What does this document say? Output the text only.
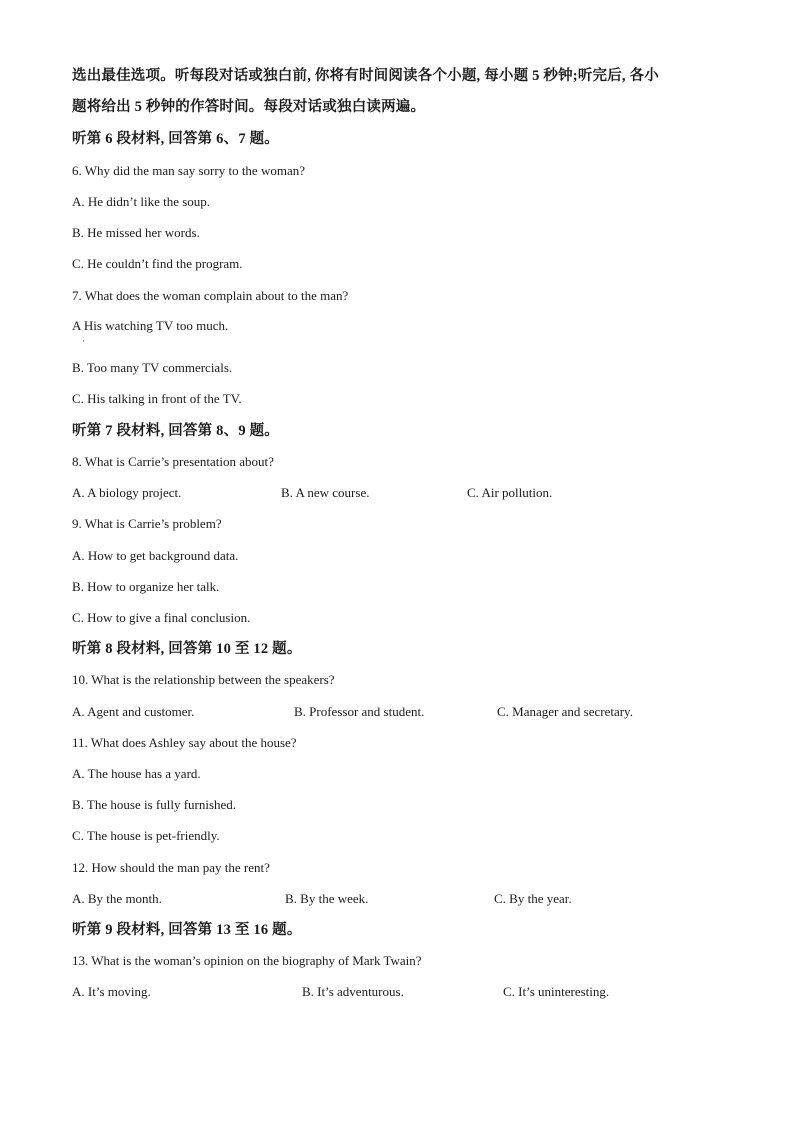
选出最佳选项。听每段对话或独白前, 你将有时间阅读各个小题, 每小题 5 秒钟;听完后, 各小
题将给出 5 秒钟的作答时间。每段对话或独白读两遍。
听第 6 段材料, 回答第 6、7 题。
6. Why did the man say sorry to the woman?
A. He didn’t like the soup.
B. He missed her words.
C. He couldn’t find the program.
7. What does the woman complain about to the man?
A His watching TV too much.
·
B. Too many TV commercials.
C. His talking in front of the TV.
听第 7 段材料, 回答第 8、9 题。
8. What is Carrie’s presentation about?
A. A biology project.	B. A new course.	C. Air pollution.
9. What is Carrie’s problem?
A. How to get background data.
B. How to organize her talk.
C. How to give a final conclusion.
听第 8 段材料, 回答第 10 至 12 题。
10. What is the relationship between the speakers?
A. Agent and customer.	B. Professor and student.	C. Manager and secretary.
11. What does Ashley say about the house?
A. The house has a yard.
B. The house is fully furnished.
C. The house is pet-friendly.
12. How should the man pay the rent?
A. By the month.	B. By the week.	C. By the year.
听第 9 段材料, 回答第 13 至 16 题。
13. What is the woman’s opinion on the biography of Mark Twain?
A. It’s moving.	B. It’s adventurous.	C. It’s uninteresting.
